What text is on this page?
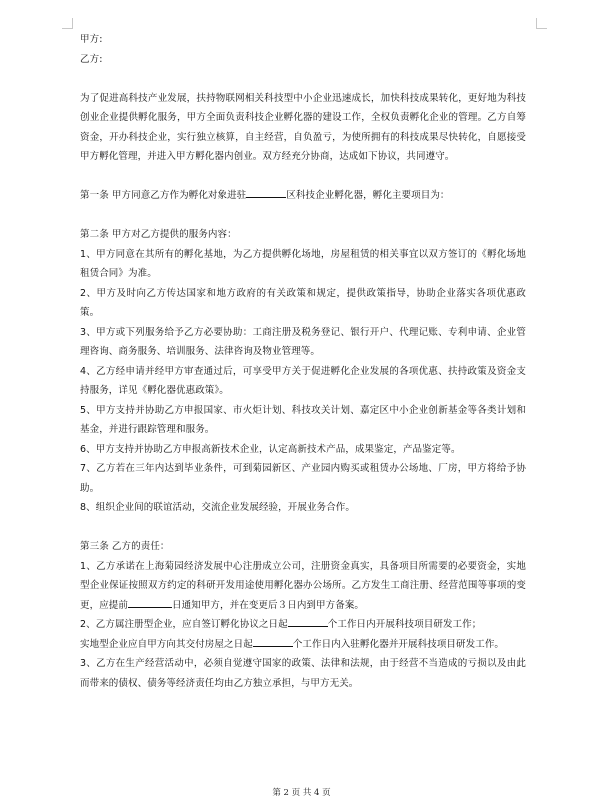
甲方:

乙方:

为了促进高科技产业发展，扶持物联网相关科技型中小企业迅速成长，加快科技成果转化，更好地为科技创业企业提供孵化服务，甲方全面负责科技企业孵化器的建设工作，全权负责孵化企业的管理。乙方自筹资金，开办科技企业，实行独立核算，自主经营，自负盈亏，为使所拥有的科技成果尽快转化，自愿接受甲方孵化管理，并进入甲方孵化器内创业。双方经充分协商，达成如下协议，共同遵守。

第一条 甲方同意乙方作为孵化对象进驻	区科技企业孵化器，孵化主要项目为：

第二条 甲方对乙方提供的服务内容：

1、甲方同意在其所有的孵化基地，为乙方提供孵化场地，房屋租赁的相关事宜以双方签订的《孵化场地租赁合同》为准。

2、甲方及时向乙方传达国家和地方政府的有关政策和规定，提供政策指导，协助企业落实各项优惠政策。

3、甲方或下列服务给予乙方必要协助：工商注册及税务登记、银行开户、代理记账、专利申请、企业管理咨询、商务服务、培训服务、法律咨询及物业管理等。

4、乙方经申请并经甲方审查通过后，可享受甲方关于促进孵化企业发展的各项优惠、扶持政策及资金支持服务，详见《孵化器优惠政策》。

5、甲方支持并协助乙方申报国家、市火炬计划、科技攻关计划、嘉定区中小企业创新基金等各类计划和基金，并进行跟踪管理和服务。

6、甲方支持并协助乙方申报高新技术企业，认定高新技术产品，成果鉴定，产品鉴定等。

7、乙方若在三年内达到毕业条件，可到菊园新区、产业园内购买或租赁办公场地、厂房，甲方将给予协助。

8、组织企业间的联谊活动，交流企业发展经验，开展业务合作。

第三条 乙方的责任：

1、乙方承诺在上海菊园经济发展中心注册成立公司，注册资金真实，具备项目所需要的必要资金，实地型企业保证按照双方约定的科研开发用途使用孵化器办公场所。乙方发生工商注册、经营范围等事项的变更，应提前	日通知甲方，并在变更后３日内到甲方备案。

2、乙方属注册型企业，应自签订孵化协议之日起	个工作日内开展科技项目研发工作；

实地型企业应自甲方向其交付房屋之日起	个工作日内入驻孵化器并开展科技项目研发工作。

3、乙方在生产经营活动中，必须自觉遵守国家的政策、法律和法规，由于经营不当造成的亏损以及由此而带来的债权、债务等经济责任均由乙方独立承担，与甲方无关。

第 2 页 共 4 页
